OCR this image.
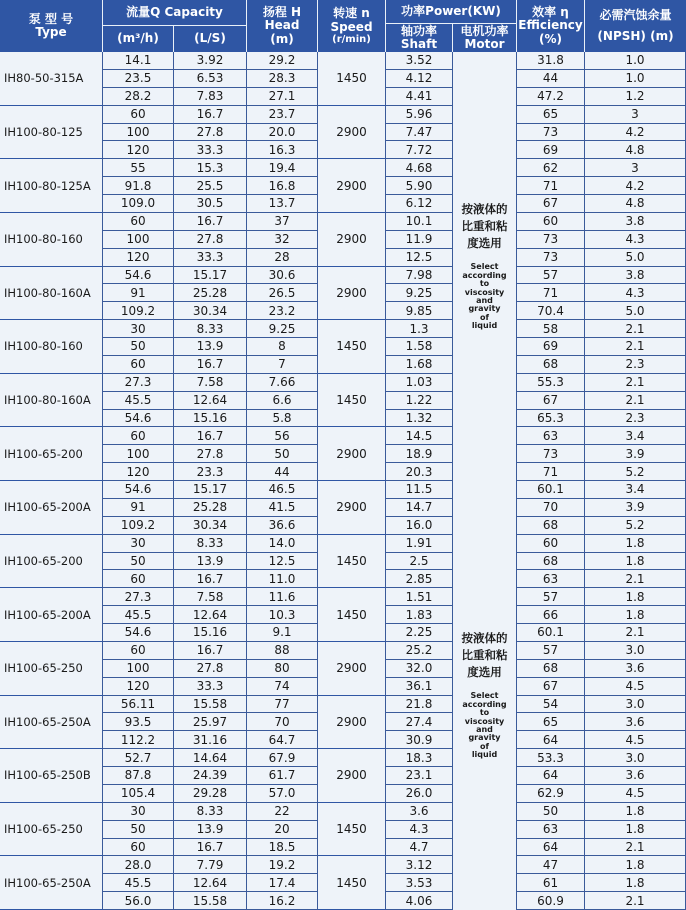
泵 型 号
Type
流量Q Capacity
(m³/h)	(L/S)
扬程 H
Head
(m)
转速 n
Speed
(r/min)
功率Power(KW)
轴功率
Shaft
电机功率
Motor
效率 η
Efficiency
(%)
必需汽蚀余量
(NPSH) (m)
按液体的
比重和粘
度选用
Select
according
to
viscosity
and
gravity
of
liquid
按液体的
比重和粘
度选用
Select
according
to
viscosity
and
gravity
of
liquid
IH80-50-315A	1450
14.1	3.92	29.2	3.52	31.8	1.0
23.5	6.53	28.3	4.12	44	1.0
28.2	7.83	27.1	4.41	47.2	1.2
IH100-80-125	2900
60	16.7	23.7	5.96	65	3
100	27.8	20.0	7.47	73	4.2
120	33.3	16.3	7.72	69	4.8
IH100-80-125A	2900
55	15.3	19.4	4.68	62	3
91.8	25.5	16.8	5.90	71	4.2
109.0	30.5	13.7	6.12	67	4.8
IH100-80-160	2900
60	16.7	37	10.1	60	3.8
100	27.8	32	11.9	73	4.3
120	33.3	28	12.5	73	5.0
IH100-80-160A	2900
54.6	15.17	30.6	7.98	57	3.8
91	25.28	26.5	9.25	71	4.3
109.2	30.34	23.2	9.85	70.4	5.0
IH100-80-160	1450
30	8.33	9.25	1.3	58	2.1
50	13.9	8	1.58	69	2.1
60	16.7	7	1.68	68	2.3
IH100-80-160A	1450
27.3	7.58	7.66	1.03	55.3	2.1
45.5	12.64	6.6	1.22	67	2.1
54.6	15.16	5.8	1.32	65.3	2.3
IH100-65-200	2900
60	16.7	56	14.5	63	3.4
100	27.8	50	18.9	73	3.9
120	23.3	44	20.3	71	5.2
IH100-65-200A	2900
54.6	15.17	46.5	11.5	60.1	3.4
91	25.28	41.5	14.7	70	3.9
109.2	30.34	36.6	16.0	68	5.2
IH100-65-200	1450
30	8.33	14.0	1.91	60	1.8
50	13.9	12.5	2.5	68	1.8
60	16.7	11.0	2.85	63	2.1
IH100-65-200A	1450
27.3	7.58	11.6	1.51	57	1.8
45.5	12.64	10.3	1.83	66	1.8
54.6	15.16	9.1	2.25	60.1	2.1
IH100-65-250	2900
60	16.7	88	25.2	57	3.0
100	27.8	80	32.0	68	3.6
120	33.3	74	36.1	67	4.5
IH100-65-250A	2900
56.11	15.58	77	21.8	54	3.0
93.5	25.97	70	27.4	65	3.6
112.2	31.16	64.7	30.9	64	4.5
IH100-65-250B	2900
52.7	14.64	67.9	18.3	53.3	3.0
87.8	24.39	61.7	23.1	64	3.6
105.4	29.28	57.0	26.0	62.9	4.5
IH100-65-250	1450
30	8.33	22	3.6	50	1.8
50	13.9	20	4.3	63	1.8
60	16.7	18.5	4.7	64	2.1
IH100-65-250A	1450
28.0	7.79	19.2	3.12	47	1.8
45.5	12.64	17.4	3.53	61	1.8
56.0	15.58	16.2	4.06	60.9	2.1
